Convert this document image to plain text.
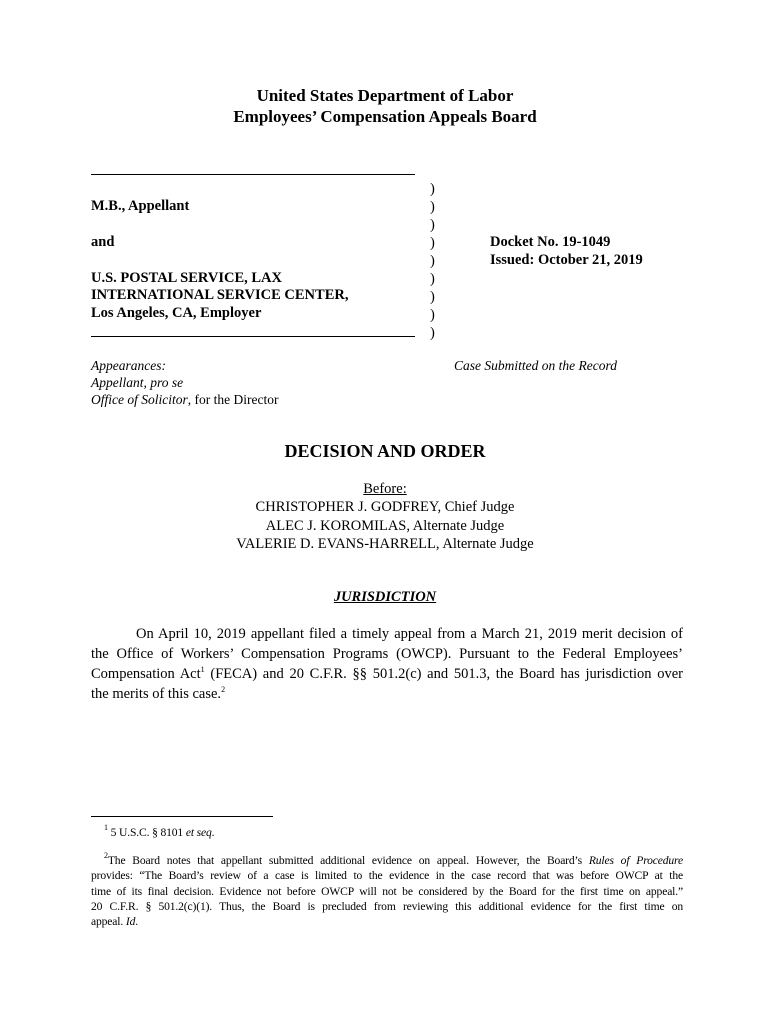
United States Department of Labor
Employees’ Compensation Appeals Board
M.B., Appellant
and
U.S. POSTAL SERVICE, LAX
INTERNATIONAL SERVICE CENTER,
Los Angeles, CA, Employer
)
)
)
)
)
)
)
)
)
Docket No. 19-1049
Issued: October 21, 2019
Appearances:
Appellant, pro se
Office of Solicitor, for the Director
Case Submitted on the Record
DECISION AND ORDER
Before:
CHRISTOPHER J. GODFREY, Chief Judge
ALEC J. KOROMILAS, Alternate Judge
VALERIE D. EVANS-HARRELL, Alternate Judge
JURISDICTION
On April 10, 2019 appellant filed a timely appeal from a March 21, 2019 merit decision of
the Office of Workers’ Compensation Programs (OWCP). Pursuant to the Federal Employees’
Compensation Act$^1$ (FECA) and 20 C.F.R. §§ 501.2(c) and 501.3, the Board has jurisdiction over
the merits of this case.$^2$
$^1$ 5 U.S.C. § 8101 et seq.
$^2$The Board notes that appellant submitted additional evidence on appeal. However, the Board’s Rules of Procedure
provides: “The Board’s review of a case is limited to the evidence in the case record that was before OWCP at the
time of its final decision. Evidence not before OWCP will not be considered by the Board for the first time on appeal.”
20 C.F.R. § 501.2(c)(1). Thus, the Board is precluded from reviewing this additional evidence for the first time on
appeal. Id.
